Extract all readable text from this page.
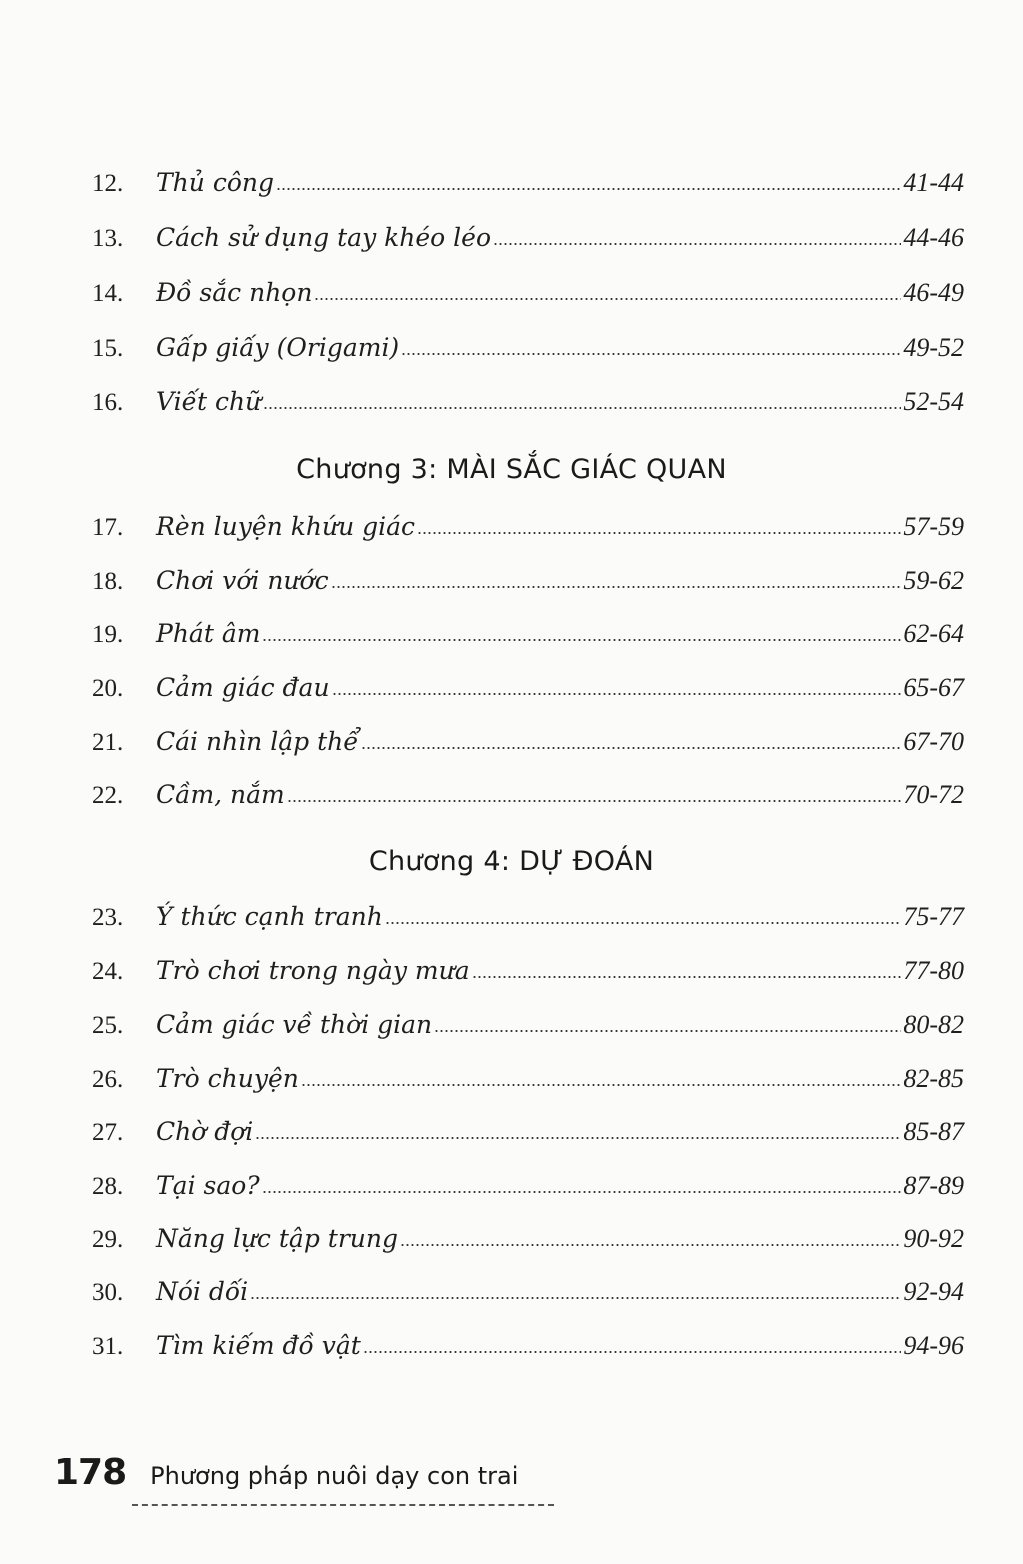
12.	Thủ công	41-44
13.	Cách sử dụng tay khéo léo	44-46
14.	Đồ sắc nhọn	46-49
15.	Gấp giấy (Origami)	49-52
16.	Viết chữ	52-54
Chương 3: MÀI SẮC GIÁC QUAN
17.	Rèn luyện khứu giác	57-59
18.	Chơi với nước	59-62
19.	Phát âm	62-64
20.	Cảm giác đau	65-67
21.	Cái nhìn lập thể	67-70
22.	Cầm, nắm	70-72
Chương 4: DỰ ĐOÁN
23.	Ý thức cạnh tranh	75-77
24.	Trò chơi trong ngày mưa	77-80
25.	Cảm giác về thời gian	80-82
26.	Trò chuyện	82-85
27.	Chờ đợi	85-87
28.	Tại sao?	87-89
29.	Năng lực tập trung	90-92
30.	Nói dối	92-94
31.	Tìm kiếm đồ vật	94-96
178 Phương pháp nuôi dạy con trai
